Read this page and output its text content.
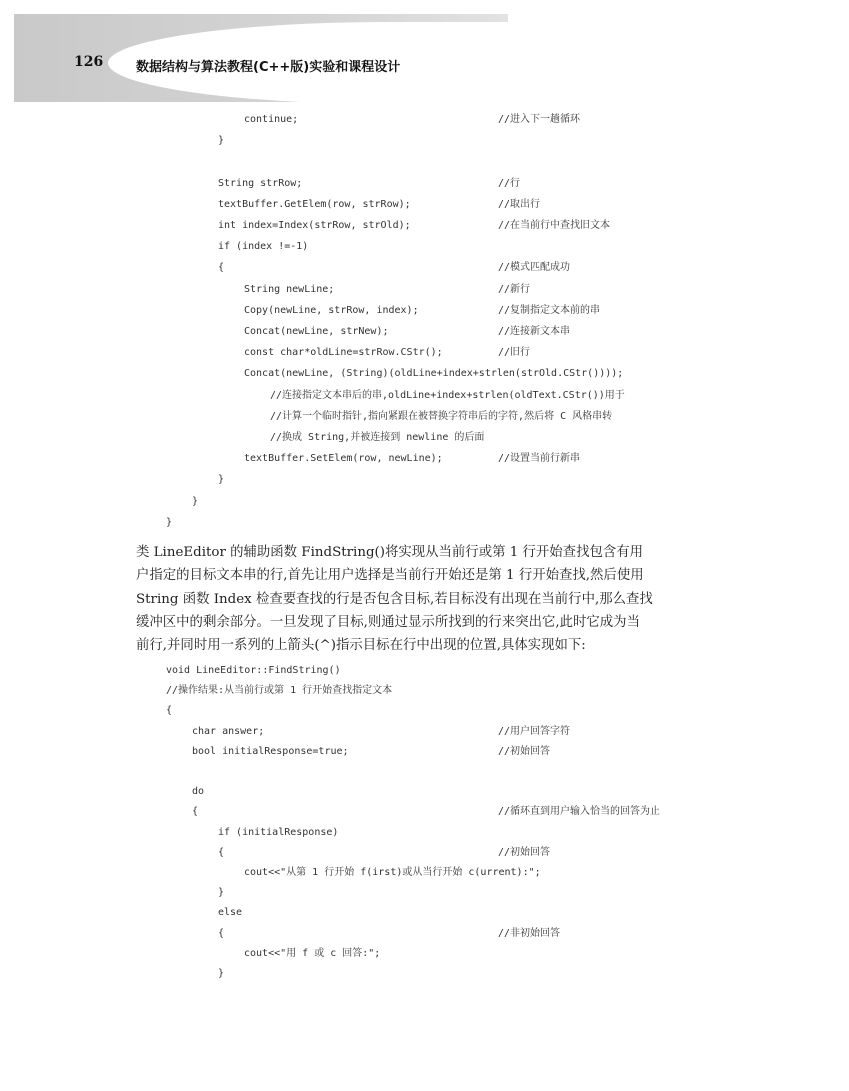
126	数据结构与算法教程(C++版)实验和课程设计
continue;	//进入下一趟循环
}
String strRow;	//行
textBuffer.GetElem(row, strRow);	//取出行
int index=Index(strRow, strOld);	//在当前行中查找旧文本
if (index !=-1)
{	//模式匹配成功
String newLine;	//新行
Copy(newLine, strRow, index);	//复制指定文本前的串
Concat(newLine, strNew);	//连接新文本串
const char*oldLine=strRow.CStr();	//旧行
Concat(newLine, (String)(oldLine+index+strlen(strOld.CStr())));
//连接指定文本串后的串,oldLine+index+strlen(oldText.CStr())用于
//计算一个临时指针,指向紧跟在被替换字符串后的字符,然后将 C 风格串转
//换成 String,并被连接到 newline 的后面
textBuffer.SetElem(row, newLine);	//设置当前行新串
}
}
}
类 LineEditor 的辅助函数 FindString()将实现从当前行或第 1 行开始查找包含有用
户指定的目标文本串的行,首先让用户选择是当前行开始还是第 1 行开始查找,然后使用
String 函数 Index 检查要查找的行是否包含目标,若目标没有出现在当前行中,那么查找
缓冲区中的剩余部分。一旦发现了目标,则通过显示所找到的行来突出它,此时它成为当
前行,并同时用一系列的上箭头(^)指示目标在行中出现的位置,具体实现如下:
void LineEditor::FindString()
//操作结果:从当前行或第 1 行开始查找指定文本
{
char answer;	//用户回答字符
bool initialResponse=true;	//初始回答
do
{	//循环直到用户输入恰当的回答为止
if (initialResponse)
{	//初始回答
cout<<"从第 1 行开始 f(irst)或从当行开始 c(urrent):";
}
else
{	//非初始回答
cout<<"用 f 或 c 回答:";
}
